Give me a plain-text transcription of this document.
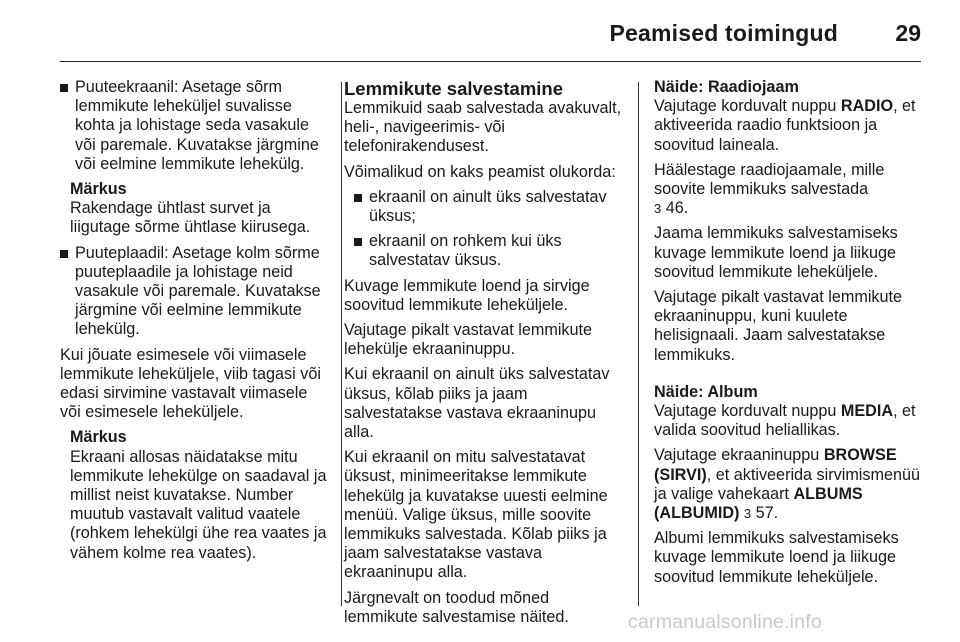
Peamised toimingud 29
Puuteekraanil: Asetage sõrm lemmikute leheküljel suvalisse kohta ja lohistage seda vasakule või paremale. Kuvatakse järgmine või eelmine lemmikute lehekülg.
Märkus
Rakendage ühtlast survet ja liigutage sõrme ühtlase kiirusega.
Puuteplaadil: Asetage kolm sõrme puuteplaadile ja lohistage neid vasakule või paremale. Kuvatakse järgmine või eelmine lemmikute lehekülg.

Kui jõuate esimesele või viimasele lemmikute leheküljele, viib tagasi või edasi sirvimine vastavalt viimasele või esimesele leheküljele.

Märkus
Ekraani allosas näidatakse mitu lemmikute lehekülge on saadaval ja millist neist kuvatakse. Number muutub vastavalt valitud vaatele (rohkem lehekülgi ühe rea vaates ja vähem kolme rea vaates).
Lemmikute salvestamine

Lemmikuid saab salvestada avakuvalt, heli-, navigeerimis- või telefonirakendusest.

Võimalikud on kaks peamist olukorda:

ekraanil on ainult üks salvestatav üksus;
ekraanil on rohkem kui üks salvestatav üksus.

Kuvage lemmikute loend ja sirvige soovitud lemmikute leheküljele.

Vajutage pikalt vastavat lemmikute lehekülje ekraaninuppu.

Kui ekraanil on ainult üks salvestatav üksus, kõlab piiks ja jaam salvestatakse vastava ekraaninupu alla.

Kui ekraanil on mitu salvestatavat üksust, minimeeritakse lemmikute lehekülg ja kuvatakse uuesti eelmine menüü. Valige üksus, mille soovite lemmikuks salvestada. Kõlab piiks ja jaam salvestatakse vastava ekraaninupu alla.

Järgnevalt on toodud mõned lemmikute salvestamise näited.

Näide: Raadiojaam

Vajutage korduvalt nuppu RADIO, et aktiveerida raadio funktsioon ja soovitud laineala.

Häälestage raadiojaamale, mille soovite lemmikuks salvestada
3 46.

Jaama lemmikuks salvestamiseks kuvage lemmikute loend ja liikuge soovitud lemmikute leheküljele.

Vajutage pikalt vastavat lemmikute ekraaninuppu, kuni kuulete helisignaali. Jaam salvestatakse lemmikuks.

Näide: Album

Vajutage korduvalt nuppu MEDIA, et valida soovitud heliallikas.

Vajutage ekraaninuppu BROWSE (SIRVI), et aktiveerida sirvimismenüü ja valige vahekaart ALBUMS (ALBUMID) 3 57.

Albumi lemmikuks salvestamiseks kuvage lemmikute loend ja liikuge soovitud lemmikute leheküljele.

carmanualsonline.info
